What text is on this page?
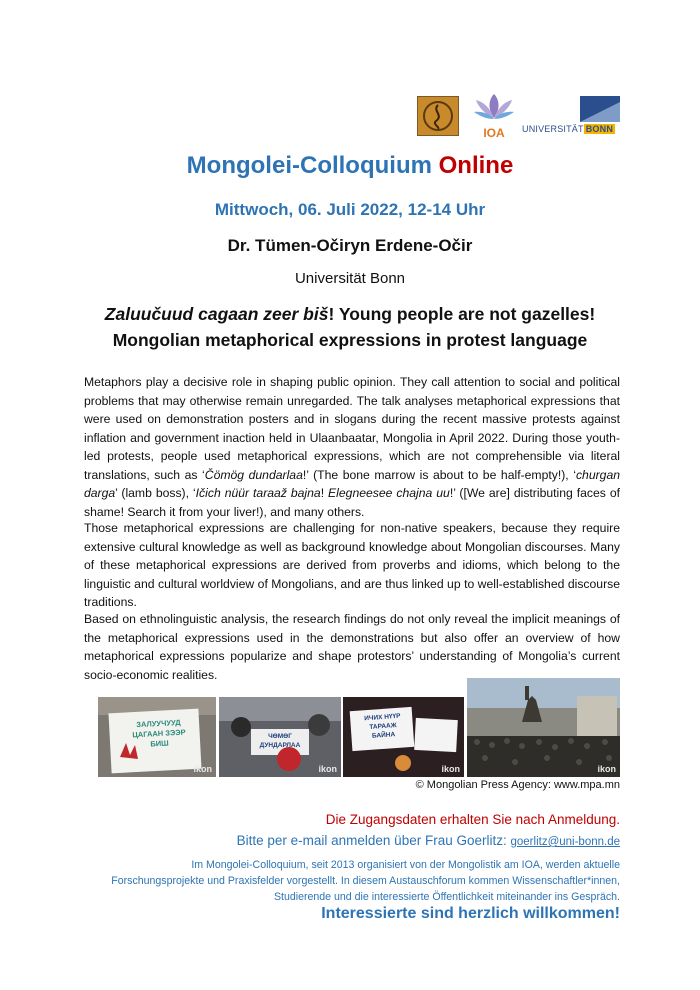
IOA	UNIVERSITÄT BONN
Mongolei-Colloquium Online
Mittwoch, 06. Juli 2022, 12-14 Uhr
Dr. Tümen-Očiryn Erdene-Očir
Universität Bonn
Zaluučuud cagaan zeer biš! Young people are not gazelles!
Mongolian metaphorical expressions in protest language

Metaphors play a decisive role in shaping public opinion. They call attention to social and political problems that may otherwise remain unregarded. The talk analyses metaphorical expressions that were used on demonstration posters and in slogans during the recent massive protests against inflation and government inaction held in Ulaanbaatar, Mongolia in April 2022. During those youth-led protests, people used metaphorical expressions, which are not comprehensible via literal translations, such as ‘Čömög dundarlaa!’ (The bone marrow is about to be half-empty!), ‘churgan darga’ (lamb boss), ‘Ičich nüür taraaž bajna! Elegneesee chajna uu!’ ([We are] distributing faces of shame! Search it from your liver!), and many others.

Those metaphorical expressions are challenging for non-native speakers, because they require extensive cultural knowledge as well as background knowledge about Mongolian discourses. Many of these metaphorical expressions are derived from proverbs and idioms, which belong to the linguistic and cultural worldview of Mongolians, and are thus linked up to well-established discourse traditions.

Based on ethnolinguistic analysis, the research findings do not only reveal the implicit meanings of the metaphorical expressions used in the demonstrations but also offer an overview of how metaphorical expressions popularize and shape protestors’ understanding of Mongolia’s current socio-economic realities.

ЗАЛУУЧУУД
ЦАГААН ЗЭЭР
БИШ
ikon
ЧӨМӨГ
ДУНДАРЛАА
ikon
ИЧИХ НҮҮР
ТАРААЖ
БАЙНА
ikon	ikon
© Mongolian Press Agency: www.mpa.mn
Die Zugangsdaten erhalten Sie nach Anmeldung.
Bitte per e-mail anmelden über Frau Goerlitz: goerlitz@uni-bonn.de

Im Mongolei-Colloquium, seit 2013 organisiert von der Mongolistik am IOA, werden aktuelle
Forschungsprojekte und Praxisfelder vorgestellt. In diesem Austauschforum kommen Wissenschaftler*innen,
Studierende und die interessierte Öffentlichkeit miteinander ins Gespräch.

Interessierte sind herzlich willkommen!
